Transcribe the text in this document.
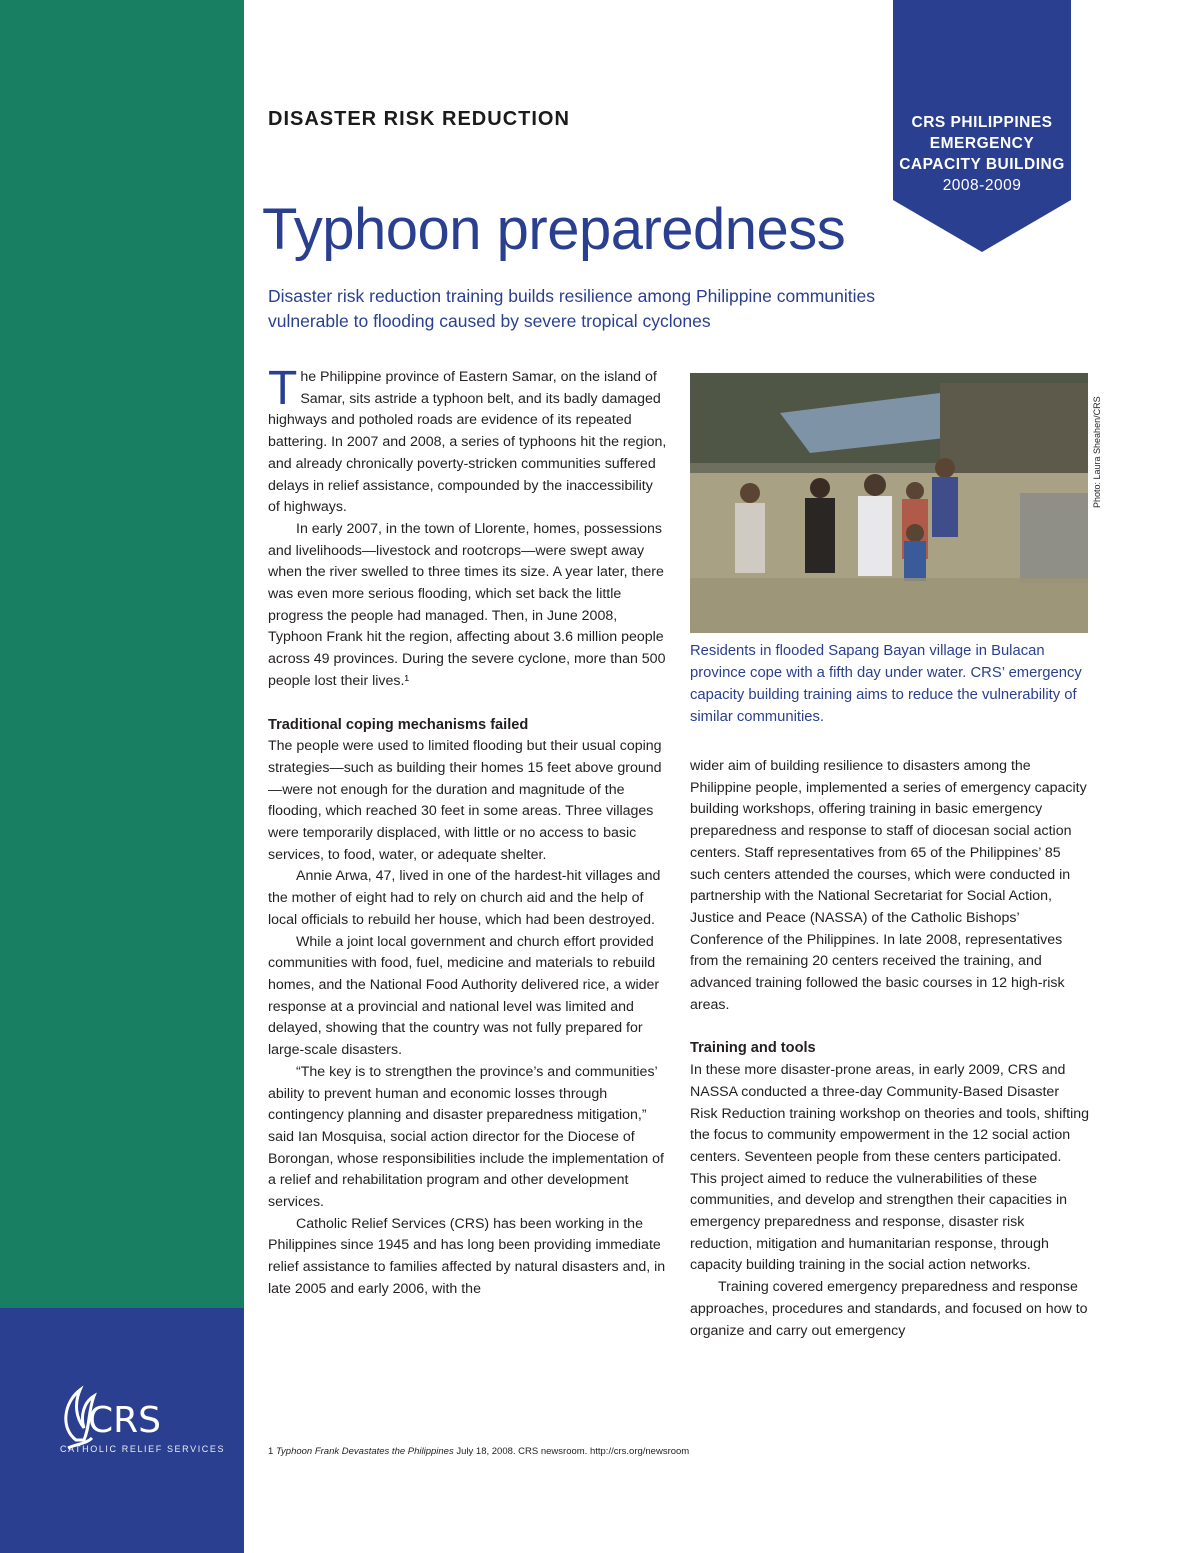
CRS
CATHOLIC RELIEF SERVICES
CRS PHILIPPINES
EMERGENCY
CAPACITY BUILDING
2008-2009
DISASTER RISK REDUCTION
Typhoon preparedness

Disaster risk reduction training builds resilience among Philippine communities vulnerable to flooding caused by severe tropical cyclones

The Philippine province of Eastern Samar, on the island of Samar, sits astride a typhoon belt, and its badly damaged highways and potholed roads are evidence of its repeated battering. In 2007 and 2008, a series of typhoons hit the region, and already chronically poverty-stricken communities suffered delays in relief assistance, compounded by the inaccessibility of highways.

In early 2007, in the town of Llorente, homes, possessions and livelihoods—livestock and rootcrops—were swept away when the river swelled to three times its size. A year later, there was even more serious flooding, which set back the little progress the people had managed. Then, in June 2008, Typhoon Frank hit the region, affecting about 3.6 million people across 49 provinces. During the severe cyclone, more than 500 people lost their lives.¹

Traditional coping mechanisms failed

The people were used to limited flooding but their usual coping strategies—such as building their homes 15 feet above ground—were not enough for the duration and magnitude of the flooding, which reached 30 feet in some areas. Three villages were temporarily displaced, with little or no access to basic services, to food, water, or adequate shelter.

Annie Arwa, 47, lived in one of the hardest-hit villages and the mother of eight had to rely on church aid and the help of local officials to rebuild her house, which had been destroyed.

While a joint local government and church effort provided communities with food, fuel, medicine and materials to rebuild homes, and the National Food Authority delivered rice, a wider response at a provincial and national level was limited and delayed, showing that the country was not fully prepared for large-scale disasters.

“The key is to strengthen the province’s and communities’ ability to prevent human and economic losses through contingency planning and disaster preparedness mitigation,” said Ian Mosquisa, social action director for the Diocese of Borongan, whose responsibilities include the implementation of a relief and rehabilitation program and other development services.

Catholic Relief Services (CRS) has been working in the Philippines since 1945 and has long been providing immediate relief assistance to families affected by natural disasters and, in late 2005 and early 2006, with the

Photo: Laura Sheahen/CRS

Residents in flooded Sapang Bayan village in Bulacan province cope with a fifth day under water. CRS’ emergency capacity building training aims to reduce the vulnerability of similar communities.

wider aim of building resilience to disasters among the Philippine people, implemented a series of emergency capacity building workshops, offering training in basic emergency preparedness and response to staff of diocesan social action centers. Staff representatives from 65 of the Philippines’ 85 such centers attended the courses, which were conducted in partnership with the National Secretariat for Social Action, Justice and Peace (NASSA) of the Catholic Bishops’ Conference of the Philippines. In late 2008, representatives from the remaining 20 centers received the training, and advanced training followed the basic courses in 12 high-risk areas.

Training and tools

In these more disaster-prone areas, in early 2009, CRS and NASSA conducted a three-day Community-Based Disaster Risk Reduction training workshop on theories and tools, shifting the focus to community empowerment in the 12 social action centers. Seventeen people from these centers participated. This project aimed to reduce the vulnerabilities of these communities, and develop and strengthen their capacities in emergency preparedness and response, disaster risk reduction, mitigation and humanitarian response, through capacity building training in the social action networks.

Training covered emergency preparedness and response approaches, procedures and standards, and focused on how to organize and carry out emergency

1 Typhoon Frank Devastates the Philippines July 18, 2008. CRS newsroom. http://crs.org/newsroom
